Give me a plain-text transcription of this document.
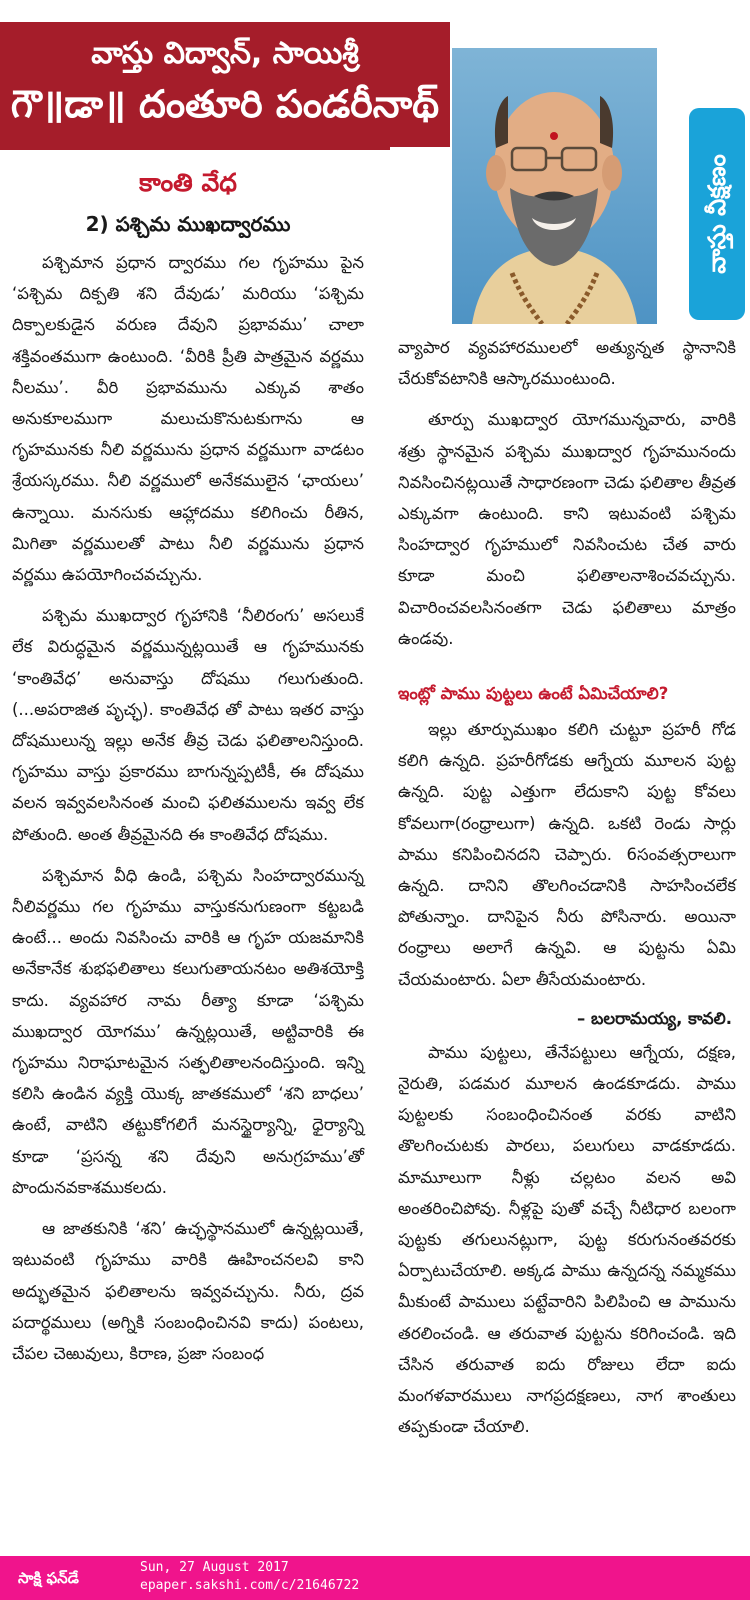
వాస్తు విద్వాన్, సాయిశ్రీ
గౌ॥డా॥ దంతూరి పండరీనాథ్
వాస్తు వీక్షణం
కాంతి వేధ
2) పశ్చిమ ముఖద్వారము

పశ్చిమాన ప్రధాన ద్వారము గల గృహము పైన ‘పశ్చిమ దిక్పతి శని దేవుడు’ మరియు ‘పశ్చిమ దిక్పాలకుడైన వరుణ దేవుని ప్రభావము’ చాలా శక్తివంతముగా ఉంటుంది. ‘వీరికి ప్రీతి పాత్రమైన వర్ణము నీలము’. వీరి ప్రభావమును ఎక్కువ శాతం అనుకూలముగా మలుచుకొనుటకుగాను ఆ గృహమునకు నీలి వర్ణమును ప్రధాన వర్ణముగా వాడటం శ్రేయస్కరము. నీలి వర్ణములో అనేకములైన ‘ఛాయలు’ ఉన్నాయి. మనసుకు ఆహ్లాదము కలిగించు రీతిన, మిగితా వర్ణములతో పాటు నీలి వర్ణమును ప్రధాన వర్ణము ఉపయోగించవచ్చును.

పశ్చిమ ముఖద్వార గృహానికి ‘నీలిరంగు’ అసలుకే లేక విరుద్ధమైన వర్ణమున్నట్లయితే ఆ గృహమునకు ‘కాంతివేధ’ అనువాస్తు దోషము గలుగుతుంది. (...అపరాజిత పృచ్ఛ). కాంతివేధ తో పాటు ఇతర వాస్తు దోషములున్న ఇల్లు అనేక తీవ్ర చెడు ఫలితాలనిస్తుంది. గృహము వాస్తు ప్రకారము బాగున్నప్పటికీ, ఈ దోషము వలన ఇవ్వవలసినంత మంచి ఫలితములను ఇవ్వ లేక పోతుంది. అంత తీవ్రమైనది ఈ కాంతివేధ దోషము.

పశ్చిమాన వీధి ఉండి, పశ్చిమ సింహద్వారమున్న నీలివర్ణము గల గృహము వాస్తుకనుగుణంగా కట్టబడి ఉంటే... అందు నివసించు వారికి ఆ గృహ యజమానికి అనేకానేక శుభఫలితాలు కలుగుతాయనటం అతిశయోక్తి కాదు. వ్యవహార నామ రీత్యా కూడా ‘పశ్చిమ ముఖద్వార యోగము’ ఉన్నట్లయితే, అట్టివారికి ఈ గృహము నిరాఘాటమైన సత్ఫలితాలనందిస్తుంది. ఇన్ని కలిసి ఉండిన వ్యక్తి యొక్క జాతకములో ‘శని బాధలు’ ఉంటే, వాటిని తట్టుకోగలిగే మనస్థైర్యాన్ని, ధైర్యాన్ని కూడా ‘ప్రసన్న శని దేవుని అనుగ్రహము’తో పొందునవకాశముకలదు.

ఆ జాతకునికి ‘శని’ ఉచ్ఛస్థానములో ఉన్నట్లయితే, ఇటువంటి గృహము వారికి ఊహించనలవి కాని అద్భుతమైన ఫలితాలను ఇవ్వవచ్చును. నీరు, ద్రవ పదార్థములు (అగ్నికి సంబంధించినవి కాదు) పంటలు, చేపల చెఱువులు, కిరాణ, ప్రజా సంబంధ

వ్యాపార వ్యవహారములలో అత్యున్నత స్థానానికి చేరుకోవటానికి ఆస్కారముంటుంది.

తూర్పు ముఖద్వార యోగమున్నవారు, వారికి శత్రు స్థానమైన పశ్చిమ ముఖద్వార గృహమునందు నివసించినట్లయితే సాధారణంగా చెడు ఫలితాల తీవ్రత ఎక్కువగా ఉంటుంది. కాని ఇటువంటి పశ్చిమ సింహద్వార గృహములో నివసించుట చేత వారు కూడా మంచి ఫలితాలనాశించవచ్చును. విచారించవలసినంతగా చెడు ఫలితాలు మాత్రం ఉండవు.

ఇంట్లో పాము పుట్టలు ఉంటే ఏమిచేయాలి?

ఇల్లు తూర్పుముఖం కలిగి చుట్టూ ప్రహరీ గోడ కలిగి ఉన్నది. ప్రహరీగోడకు ఆగ్నేయ మూలన పుట్ట ఉన్నది. పుట్ట ఎత్తుగా లేదుకాని పుట్ట కోవలు కోవలుగా(రంధ్రాలుగా) ఉన్నది. ఒకటి రెండు సార్లు పాము కనిపించినదని చెప్పారు. 6సంవత్సరాలుగా ఉన్నది. దానిని తొలగించడానికి సాహసించలేక పోతున్నాం. దానిపైన నీరు పోసినారు. అయినా రంధ్రాలు అలాగే ఉన్నవి. ఆ పుట్టను ఏమి చేయమంటారు. ఏలా తీసేయమంటారు.

– బలరామయ్య, కావలి.

పాము పుట్టలు, తేనేపట్టులు ఆగ్నేయ, దక్షణ, నైరుతి, పడమర మూలన ఉండకూడదు. పాము పుట్టలకు సంబంధించినంత వరకు వాటిని తొలగించుటకు పారలు, పలుగులు వాడకూడదు. మామూలుగా నీళ్లు చల్లటం వలన అవి అంతరించిపోవు. నీళ్లపై పుతో వచ్చే నీటిధార బలంగా పుట్టకు తగులునట్లుగా, పుట్ట కరుగునంతవరకు ఏర్పాటుచేయాలి. అక్కడ పాము ఉన్నదన్న నమ్మకము మీకుంటే పాములు పట్టేవారిని పిలిపించి ఆ పామును తరలించండి. ఆ తరువాత పుట్టను కరిగించండి. ఇది చేసిన తరువాత ఐదు రోజులు లేదా ఐదు మంగళవారములు నాగప్రదక్షణలు, నాగ శాంతులు తప్పకుండా చేయాలి.

సాక్షి ఫన్‌డే
Sun, 27 August 2017
epaper.sakshi.com/c/21646722
